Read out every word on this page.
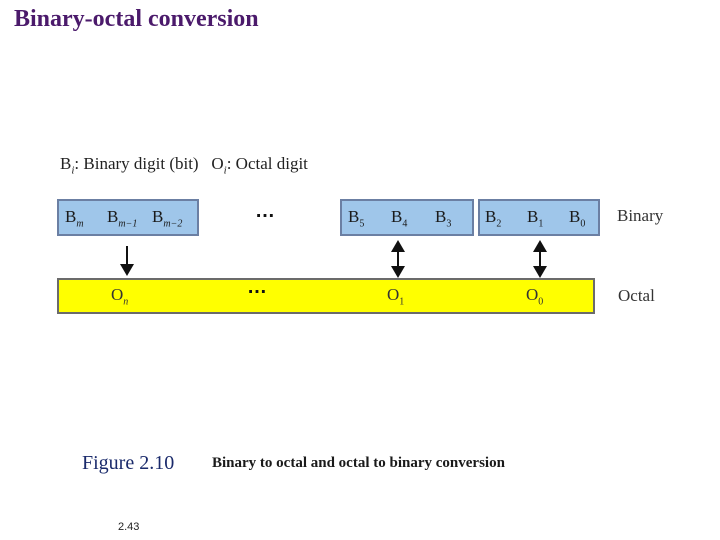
Binary-octal conversion
$B_i$: Binary digit (bit) $O_i$: Octal digit
$B_m$ $B_{m-1}$ $B_{m-2}$
…	$B_5$ $B_4$ $B_3$ $B_2$ $B_1$ $B_0$ Binary
$O_n$
…	$O_1$	$O_0$	Octal
Figure 2.10	Binary to octal and octal to binary conversion
2.43
